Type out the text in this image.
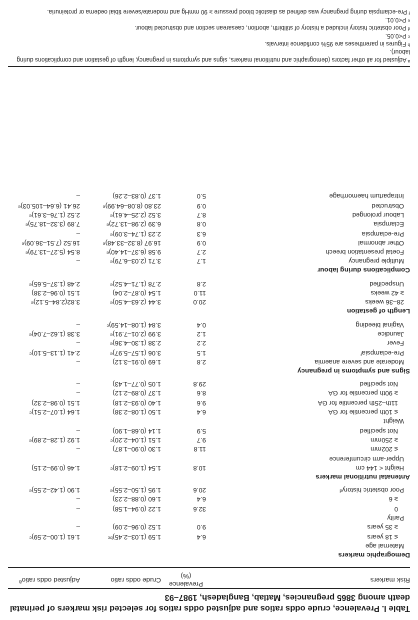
Table I. Prevalence, crude odds ratios and adjusted odds ratios for selected risk markers of perinatal death among 3865 pregnancies, Matlab, Bangladesh, 1987–93
Risk markers
Prevalence
(%)
Crude odds ratio
Adjusted odds ratioª
Demographic markers
Maternal age
≤ 18 years
6.4
1.59 (1.03–2.45)ᵇᶜ
1.61 (1.00–2.59)ᶜ
≥ 35 years
9.0
1.52 (0.96–2.09)
–
Parity
0
32.6
1.22 (0.94–1.58)
–
≥ 6
6.4
1.60 (0.88–2.23)
–
Poor obstetric historyᵈ
20.6
1.95 (1.50–2.55)ᵉ
1.90 (1.42–2.55)ᵉ
Antenatal nutritional markers
Height < 144 cm
10.8
1.54 (1.09–2.18)ᶜ
1.46 (0.99–2.15)
Upper-arm circumference
≤ 202mm
11.8
1.30 (0.90–1.87)
–
≥ 250mm
9.7
1.51 (1.04–2.20)ᶜ
1.92 (1.28–2.89)ᵉ
Not specified
5.9
1.14 (0.68–1.90)
–
Weight
≤ 10th percentile for GA
6.4
1.50 (1.08–2.38)
1.64 (1.07–2.51)ᶜ
11th–25th percentile for GA
9.6
1.40 (0.93–2.18)
1.51 (0.98–2.32)
≥ 90th percentile for GA
8.6
1.37 (0.89–2.12)
–
Not specified
29.8
1.05 (0.77–1.43)
–
Signs and symptoms in pregnancy
Moderate and severe anaemia
2.8
1.69 (0.91–3.12)
–
Pre-eclampsiaᶠ
1.5
3.06 (1.57–5.97)ᵉ
2.41 (1.13–5.10)ᶜ
Fever
2.2
2.38 (1.30–4.36)ᵉ
–
Jaundice
1.2
3.99 (2.01–7.91)ᵉ
3.38 (1.62–7.04)ᵉ
Vaginal bleeding
0.4
3.84 (1.08–14.59)ᶜ
–
Length of gestation
28–36 weeks
20.0
3.44 (2.63–4.50)ᵉ
3.82(2.84–5.12)ᵉ
≥ 42 weeks
11.0
1.54 (0.87–2.04)
1.51 (0.96–2.38)
Unspecified
2.8
2.78 (1.71–4.52)ᵉ
2.48 (1.37–5.65)ᵉ
Complications during labour
Multiple pregnancy
1.7
3.71 (2.03–6.79)ᵉ
–
Foetal presentation breech
2.7
9.58 (6.37–14.40)ᵉ
8.54 (5.27–13.79)ᵉ
Other abnormal
0.9
16.97 (8.32–33.48)ᵉ
16.52 (7.51–36.09)ᵉ
Pre-eclampsia
6.3
2.23 (1.74–3.09)ᵉ
–
Eclampsia
0.8
6.39 (2.98–13.72)ᵉ
7.89 (3.32–18.75)ᵉ
Labour prolonged
8.7
3.52 (2.25–4.61)ᵉ
2.52 (1.76–3.61)ᵉ
Obstructed
0.9
23.80 (8.08–64.99)ᵉ
26.41 (6.64–105.03)ᵉ
Intrapartum haemorrhage
5.0
1.37 (0.83–2.26)
–
ª Adjusted for all other factors (demographic and nutritional markers, signs and symptoms in pregnancy, length of gestation and complications during labour).
ᵇ Figures in parentheses are 95% confidence intervals.
ᶜ P<0.05.
ᵈ Poor obstetric history included a history of stillbirth, abortion, caesarean section and obstructed labour.
ᵉ P<0.01.
ᶠ Pre-eclampsia during pregnancy was defined as diastolic blood pressure ≥ 90 mmHg and moderate/severe tibial oedema or proteinuria.
